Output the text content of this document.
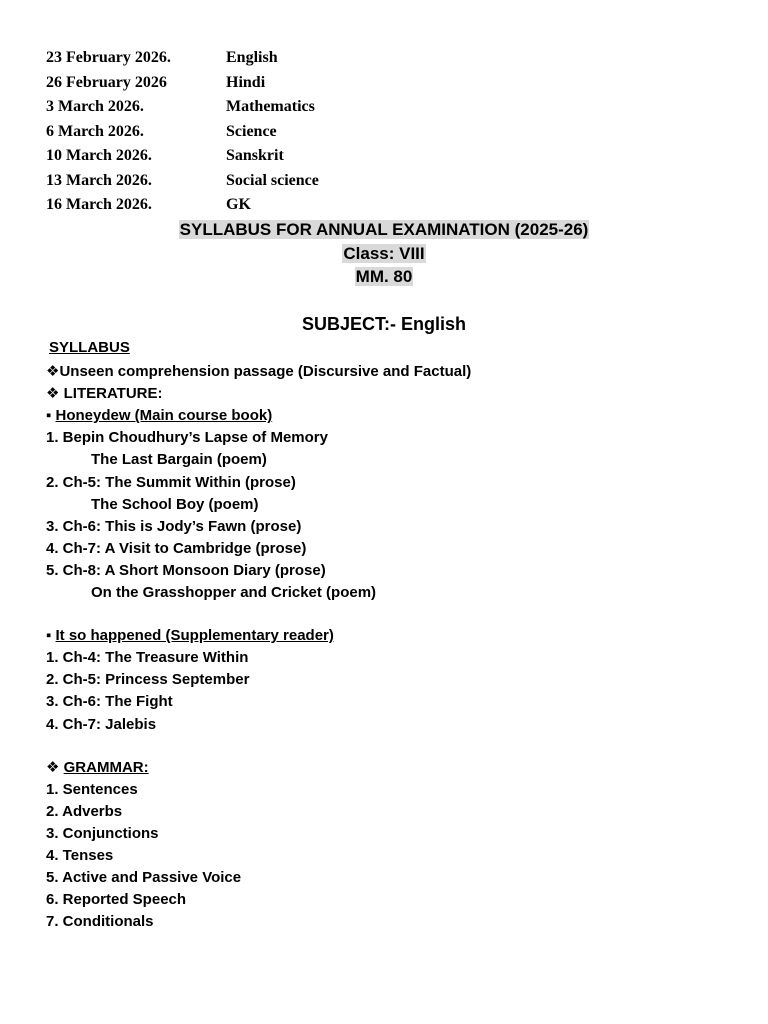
23 February 2026.	English
26 February 2026	Hindi
3 March 2026.	Mathematics
6 March 2026.	Science
10 March 2026.	Sanskrit
13 March 2026.	Social science
16 March 2026.	GK
SYLLABUS FOR ANNUAL EXAMINATION (2025-26)
Class: VIII
MM. 80
SUBJECT:- English
SYLLABUS
❖Unseen comprehension passage (Discursive and Factual)
❖ LITERATURE:
▪ Honeydew (Main course book)
1. Bepin Choudhury’s Lapse of Memory
The Last Bargain (poem)
2. Ch-5: The Summit Within (prose)
The School Boy (poem)
3. Ch-6: This is Jody’s Fawn (prose)
4. Ch-7: A Visit to Cambridge (prose)
5. Ch-8: A Short Monsoon Diary (prose)
On the Grasshopper and Cricket (poem)
▪ It so happened (Supplementary reader)
1. Ch-4: The Treasure Within
2. Ch-5: Princess September
3. Ch-6: The Fight
4. Ch-7: Jalebis
❖ GRAMMAR:
1. Sentences
2. Adverbs
3. Conjunctions
4. Tenses
5. Active and Passive Voice
6. Reported Speech
7. Conditionals
